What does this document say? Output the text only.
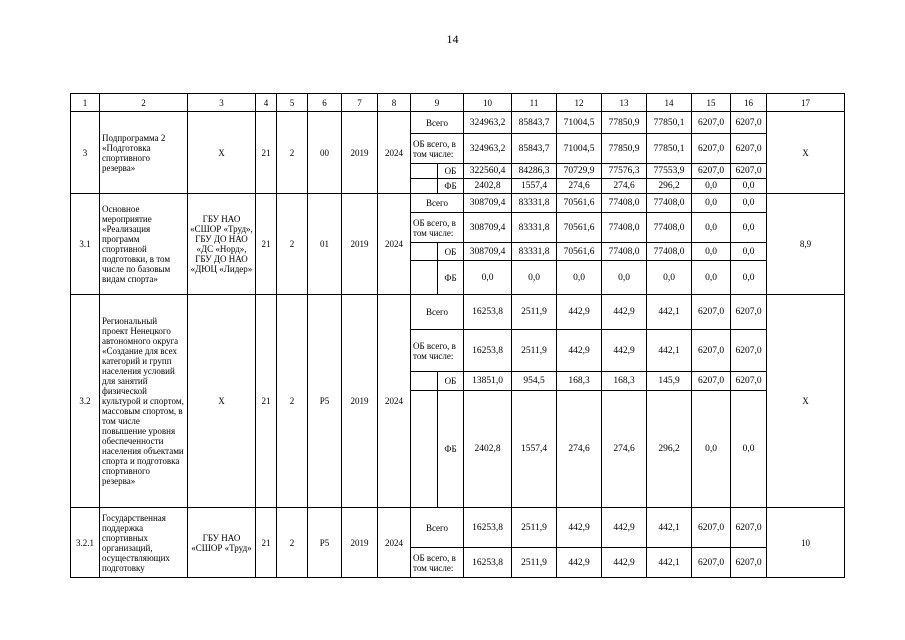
14
1	2	3	4	5	6	7	8	9		10	11	12	13	14	15	16	17
3	Подпрограмма 2 «Подготовка спортивного резерва»	Х	21	2	00	2019	2024	Всего		324963,2	85843,7	71004,5	77850,9	77850,1	6207,0	6207,0	Х
								ОБ всего, в том числе:		324963,2	85843,7	71004,5	77850,9	77850,1	6207,0	6207,0	
									ОБ	322560,4	84286,3	70729,9	77576,3	77553,9	6207,0	6207,0	
									ФБ	2402,8	1557,4	274,6	274,6	296,2	0,0	0,0	
3.1	Основное мероприятие «Реализация программ спортивной подготовки, в том числе по базовым видам спорта»	ГБУ НАО «СШОР «Труд», ГБУ ДО НАО «ДС «Норд», ГБУ ДО НАО «ДЮЦ «Лидер»	21	2	01	2019	2024	Всего		308709,4	83331,8	70561,6	77408,0	77408,0	0,0	0,0	8,9
								ОБ всего, в том числе:		308709,4	83331,8	70561,6	77408,0	77408,0	0,0	0,0	
									ОБ	308709,4	83331,8	70561,6	77408,0	77408,0	0,0	0,0	
									ФБ	0,0	0,0	0,0	0,0	0,0	0,0	0,0	
3.2	Региональный проект Ненецкого автономного округа «Создание для всех категорий и групп населения условий для занятий физической культурой и спортом, массовым спортом, в том числе повышение уровня обеспеченности населения объектами спорта и подготовка спортивного резерва»	Х	21	2	Р5	2019	2024	Всего		16253,8	2511,9	442,9	442,9	442,1	6207,0	6207,0	Х
								ОБ всего, в том числе:		16253,8	2511,9	442,9	442,9	442,1	6207,0	6207,0	
									ОБ	13851,0	954,5	168,3	168,3	145,9	6207,0	6207,0	
									ФБ	2402,8	1557,4	274,6	274,6	296,2	0,0	0,0	
3.2.1	Государственная поддержка спортивных организаций, осуществляющих подготовку	ГБУ НАО «СШОР «Труд»	21	2	Р5	2019	2024	Всего		16253,8	2511,9	442,9	442,9	442,1	6207,0	6207,0	10
								ОБ всего, в том числе:		16253,8	2511,9	442,9	442,9	442,1	6207,0	6207,0	
